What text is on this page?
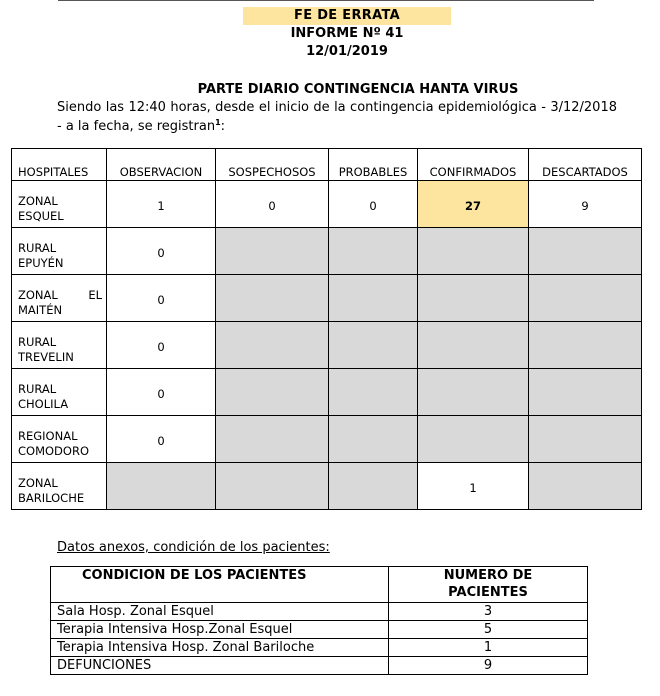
FE DE ERRATA
INFORME Nº 41
12/01/2019
PARTE DIARIO CONTINGENCIA HANTA VIRUS
Siendo las 12:40 horas, desde el inicio de la contingencia epidemiológica - 3/12/2018 - a la fecha, se registran$^1$:
HOSPITALES	OBSERVACION	SOSPECHOSOS	PROBABLES	CONFIRMADOS	DESCARTADOS

ZONAL
ESQUEL	1	0	0	27	9

RURAL
EPUYÉN	0				

ZONAL EL
MAITÉN	0				

RURAL
TREVELIN	0				

RURAL
CHOLILA	0				

REGIONAL
COMODORO	0				

ZONAL
BARILOCHE				1	
Datos anexos, condición de los pacientes:
CONDICION DE LOS PACIENTES	NUMERO DE
PACIENTES

Sala Hosp. Zonal Esquel	3
Terapia Intensiva Hosp.Zonal Esquel	5
Terapia Intensiva Hosp. Zonal Bariloche	1
DEFUNCIONES	9
